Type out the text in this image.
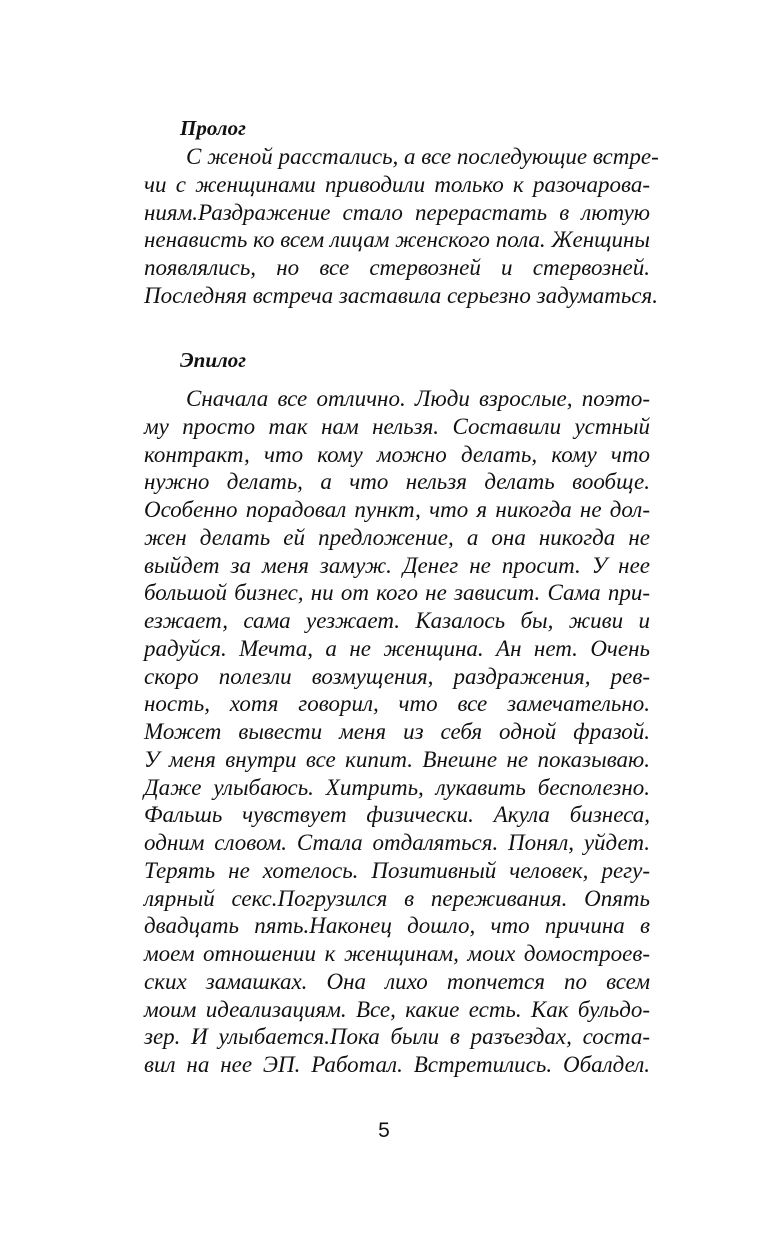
Пролог
С женой расстались, а все последующие встре-
чи с женщинами приводили только к разочарова-
ниям.Раздражение стало перерастать в лютую
ненависть ко всем лицам женского пола. Женщины
появлялись, но все стервозней и стервозней.
Последняя встреча заставила серьезно задуматься.
Эпилог
Сначала все отлично. Люди взрослые, поэто-
му просто так нам нельзя. Составили устный
контракт, что кому можно делать, кому что
нужно делать, а что нельзя делать вообще.
Особенно порадовал пункт, что я никогда не дол-
жен делать ей предложение, а она никогда не
выйдет за меня замуж. Денег не просит. У нее
большой бизнес, ни от кого не зависит. Сама при-
езжает, сама уезжает. Казалось бы, живи и
радуйся. Мечта, а не женщина. Ан нет. Очень
скоро полезли возмущения, раздражения, рев-
ность, хотя говорил, что все замечательно.
Может вывести меня из себя одной фразой.
У меня внутри все кипит. Внешне не показываю.
Даже улыбаюсь. Хитрить, лукавить бесполезно.
Фальшь чувствует физически. Акула бизнеса,
одним словом. Стала отдаляться. Понял, уйдет.
Терять не хотелось. Позитивный человек, регу-
лярный секс.Погрузился в переживания. Опять
двадцать пять.Наконец дошло, что причина в
моем отношении к женщинам, моих домостроев-
ских замашках. Она лихо топчется по всем
моим идеализациям. Все, какие есть. Как бульдо-
зер. И улыбается.Пока были в разъездах, соста-
вил на нее ЭП. Работал. Встретились. Обалдел.
5
